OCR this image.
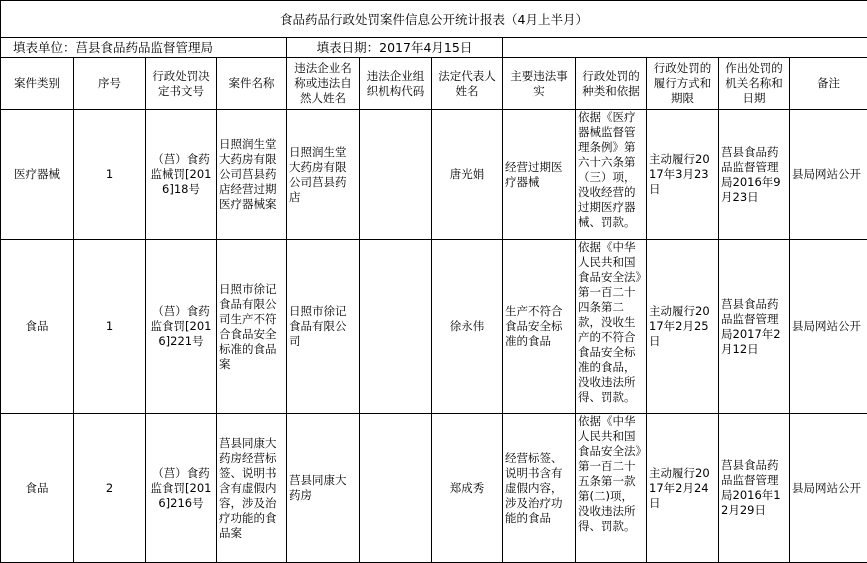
食品药品行政处罚案件信息公开统计报表（4月上半月）											
填表单位：莒县食品药品监督管理局				填表日期：2017年4月15日							
案件类别	序号	行政处罚决定书文号	案件名称	违法企业名称或违法自然人姓名	违法企业组织机构代码	法定代表人姓名	主要违法事实	行政处罚的种类和依据	行政处罚的履行方式和期限	作出处罚的机关名称和日期	备注
医疗器械	1	（莒）食药监械罚[2016]18号	日照润生堂大药房有限公司莒县药店经营过期医疗器械案	日照润生堂大药房有限公司莒县药店		唐光娟	经营过期医疗器械	依据《医疗器械监督管理条例》第六十六条第（三）项，没收经营的过期医疗器械、罚款。	主动履行2017年3月23日	莒县食品药品监督管理局2016年9月23日	县局网站公开
食品	1	（莒）食药监食罚[2016]221号	日照市徐记食品有限公司生产不符合食品安全标准的食品案	日照市徐记食品有限公司		徐永伟	生产不符合食品安全标准的食品	依据《中华人民共和国食品安全法》第一百二十四条第二款，没收生产的不符合食品安全标准的食品，没收违法所得、罚款。	主动履行2017年2月25日	莒县食品药品监督管理局2017年2月12日	县局网站公开
食品	2	（莒）食药监食罚[2016]216号	莒县同康大药房经营标签、说明书含有虚假内容，涉及治疗功能的食品案	莒县同康大药房		郑成秀	经营标签、说明书含有虚假内容，涉及治疗功能的食品	依据《中华人民共和国食品安全法》第一百二十五条第一款第(二)项，没收违法所得、罚款。	主动履行2017年2月24日	莒县食品药品监督管理局2016年12月29日	县局网站公开
